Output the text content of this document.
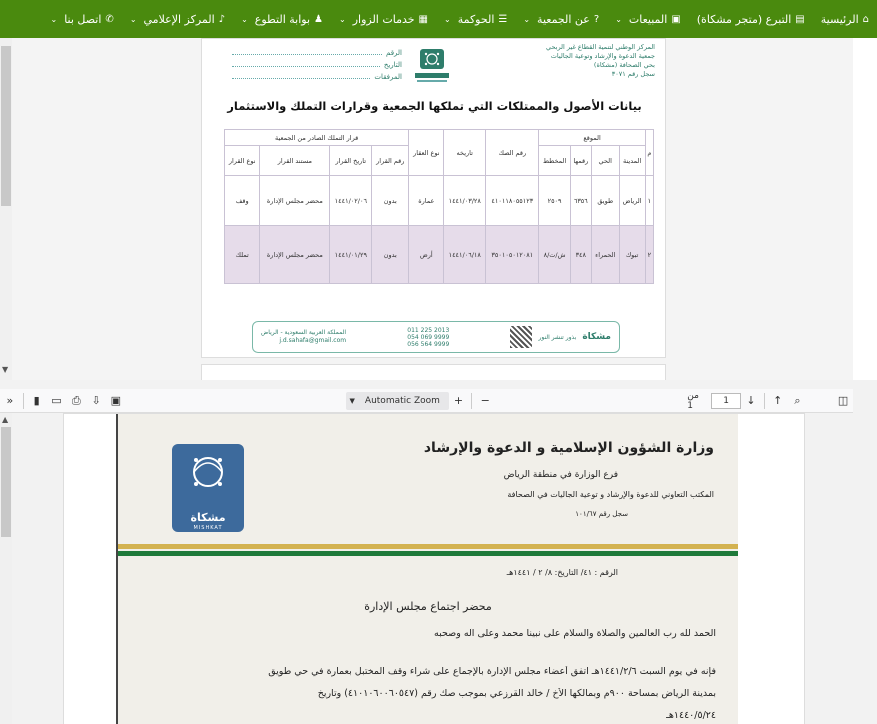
⌂
الرئيسية
▤
التبرع (متجر مشكاة)
▣
المبيعات
⌄
?
عن الجمعية
⌄
☰
الحوكمة
⌄
▦
خدمات الزوار
⌄
♟
بوابة التطوع
⌄
♪
المركز الإعلامي
⌄
✆
اتصل بنا
⌄
▼
المركز الوطني لتنمية القطاع غير الربحي
جمعية الدعوة والإرشاد وتوعية الجاليات
بحي الصحافة (مشكاة)
سجل رقم ٣٠٧١
الرقم
التاريخ
المرفقات
بيانات الأصول والممتلكات التي تملكها الجمعية وقرارات التملك والاستثمار
م	الموقع				رقم الصك	تاريخه	نوع العقار	قرار التملك الصادر من الجمعية			
	المدينة	الحي	رقمها	المخطط				رقم القرار	تاريخ القرار	مستند القرار	نوع القرار
١	الرياض	طويق	٦٣٥٦	٢٥٠٩	٤١٠١١٨٠٥٥١٢٣	١٤٤١/٠٣/٢٨	عمارة	بدون	١٤٤١/٠٢/٠٦	محضر مجلس الإدارة	وقف
٢	تبوك	الحمراء	٣٤٨	ش/ت/٨	٣٥٠١٠٥٠١٢٠٨١	١٤٤١/٠٦/١٨	أرض	بدون	١٤٤١/٠١/٢٩	محضر مجلس الإدارة	تملك
مشكاة
بذور تنشر النور
011 225 2013
054 069 9999
056 564 9999
المملكة العربية السعودية - الرياض
j.d.sahafa@gmail.com
»	▮	▭ ⎙ ⇩ ▣	▼ Automatic Zoom	+	−	من 1	1	↓	↑	⌕	◫
▲
وزارة الشؤون الإسلامية و الدعوة والإرشاد
فرع الوزارة في منطقة الرياض
المكتب التعاوني للدعوة والإرشاد و توعية الجاليات في الصحافة
سجل رقم ١٠١/٦٧
مشكاة
MISHKAT
الرقم : ٤١/ التاريخ: ٨/ ٢ / ١٤٤١هـ
محضر اجتماع مجلس الإدارة
الحمد لله رب العالمين والصلاة والسلام على نبينا محمد وعلى آله وصحبه
فإنه في يوم السبت ١٤٤١/٢/٦هـ اتفق أعضاء مجلس الإدارة بالإجماع على شراء وقف المختبل بعمارة في حي طويق
بمدينة الرياض بمساحة ٩٠٠م وبمالكها الأخ / خالد القرزعي بموجب صك رقم (٤١٠١٠٦٠٠٦٠٥٤٧) وتاريخ
١٤٤٠/٥/٢٤هـ
